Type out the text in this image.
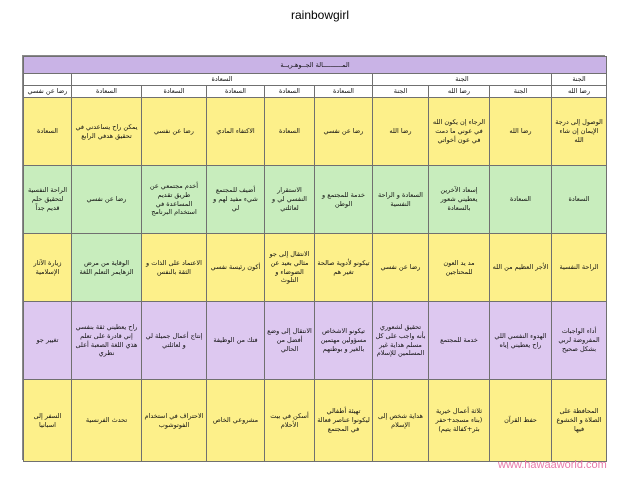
rainbowgirl
المــــــــــالة الجــوهـريــة									
	السعادة					الجنة			الجنة
رضا عن نفسي	السعادة	السعادة	السعادة	السعادة	السعادة	الجنة	رضا الله	الجنة	رضا الله
السعادة	يمكن راح يساعدني في تحقيق هدفي الرابع	رضا عن نفسي	الاكتفاء المادي	السعادة	رضا عن نفسي	رضا الله	الرجاء إن يكون الله في عوني ما دمت في عون أخواتي	رضا الله	الوصول إلى درجة الإيمان إن شاء الله
الراحة النفسية لتحقيق حلم قديم جداً	رضا عن نفسي	أخدم مجتمعي عن طريق تقديم المساعدة في استخدام البرنامج	أضيف للمجتمع شيء مفيد لهم و لي	الاستقرار النفسي لي و لعائلتي	خدمة للمجتمع و الوطن	السعادة و الراحة النفسية	إسعاد الآخرين يعطيني شعور بالسعادة	السعادة	السعادة
زيارة الآثار الإسلامية	الوقاية من مرض الزهايمر التعلم اللغة	الاعتماد على الذات و الثقة بالنفس	أكون رئيسة نفسي	الانتقال إلى جو مثالي بعيد عن الضوضاء و التلوث	تيكونو لأدوية صالحة تغير هم	رضا عن نفسي	مد يد العون للمحتاجين	الأجر العظيم من الله	الراحة النفسية
تغيير جو	راح يعطيني ثقة بنفسي إني قادرة على تعلم هذي اللغة الصعبة أعلى نظري	إنتاج أعمال جميلة لي و لعائلتي	فتك من الوظيفة	الانتقال إلى وضع أفضل من الحالي	تيكونو الاشخاص مسؤولين مهتمين بالغير و بوطنهم	تحقيق لشعوري بأنه واجب على كل مسلم هداية غير المسلمين للإسلام	خدمة للمجتمع	الهدوء النفسي اللي راح يعطيني إياه	أداء الواجبات المفروضة لربي بشكل صحيح
السفر إلى اسبانيا	تحدث الفرنسية	الاحتراف في استخدام الفوتوشوب	مشروعي الخاص	أسكن في بيت الأحلام	تهيئة أطفالي ليكونوا عناصر فعالة في المجتمع	هداية شخص إلى الإسلام	ثلاثة أعمال خيرية (بناء مسجد+حفر بئر+كفالة يتيم)	حفظ القرآن	المحافظة على الصلاة و الخشوع فيها
www.hawaaworld.com
